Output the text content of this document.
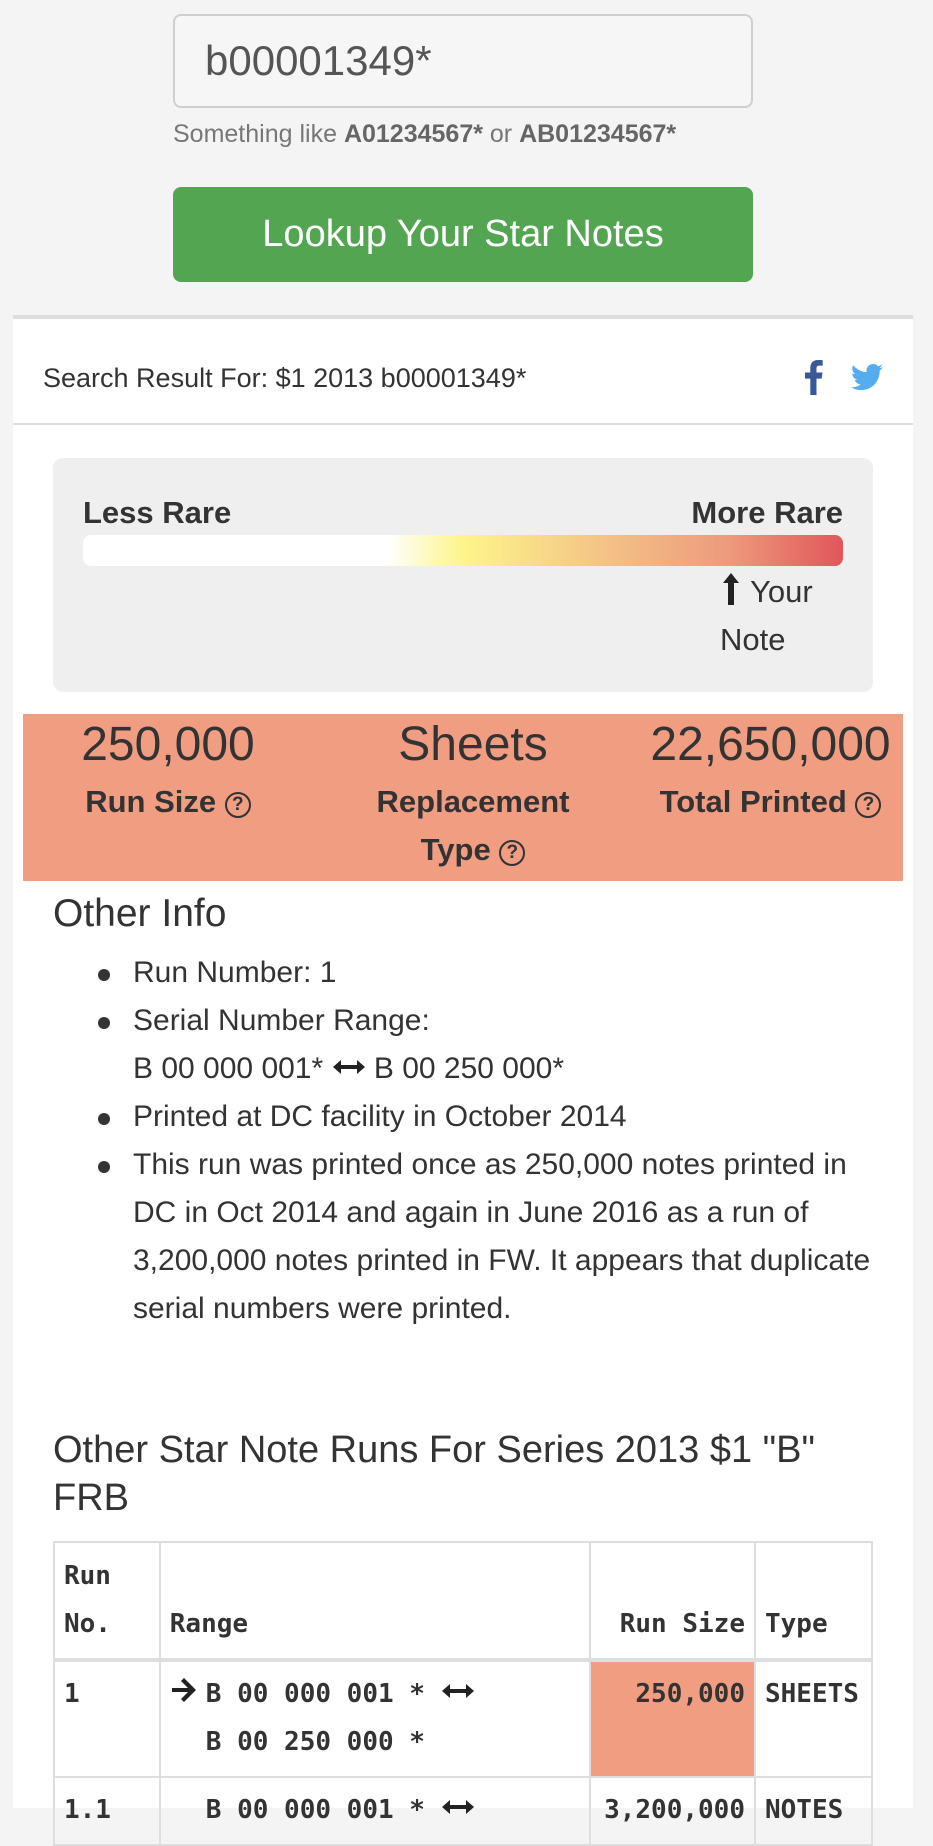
b00001349*
Something like A01234567* or AB01234567*
Lookup Your Star Notes
Search Result For: $1 2013 b00001349*
Less Rare	More Rare
Your
Note
250,000
Run Size ?
Sheets
Replacement
Type ?
22,650,000
Total Printed ?
Other Info
Run Number: 1
Serial Number Range:
B 00 000 001* B 00 250 000*
Printed at DC facility in October 2014
This run was printed once as 250,000 notes printed in DC in Oct 2014 and again in June 2016 as a run of 3,200,000 notes printed in FW. It appears that duplicate serial numbers were printed.
Other Star Note Runs For Series 2013 $1 "B" FRB
Run
No.	Range	Run Size	Type
1	B 00 000 001 *
B 00 250 000 *	250,000	SHEETS
1.1	B 00 000 001 *	3,200,000	NOTES
